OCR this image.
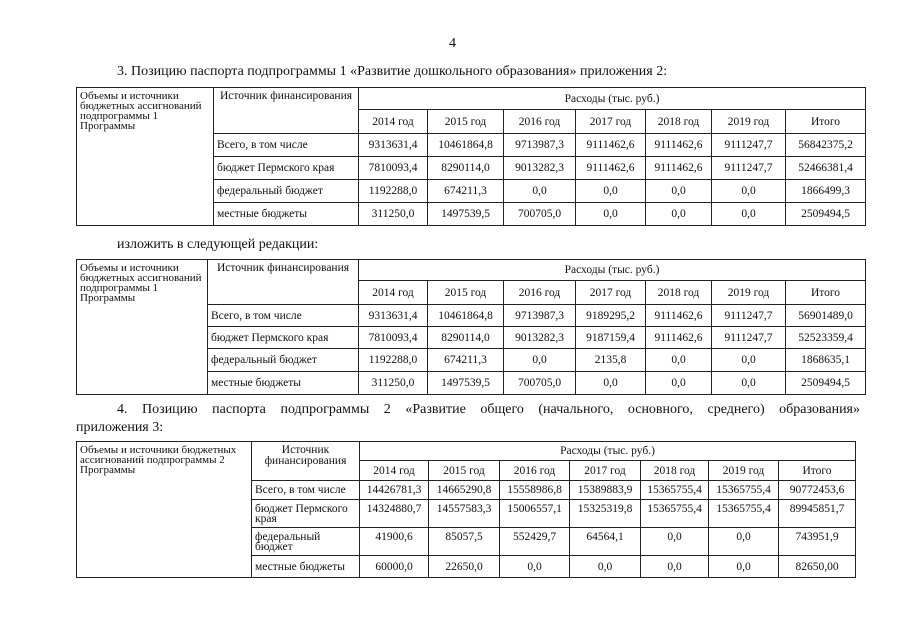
4
3. Позицию паспорта подпрограммы 1 «Развитие дошкольного образования» приложения 2:
Объемы и источники бюджетных ассигнований подпрограммы 1 Программы	Источник финансирования	Расходы (тыс. руб.)						
		2014 год	2015 год	2016 год	2017 год	2018 год	2019 год	Итого
	Всего, в том числе	9313631,4	10461864,8	9713987,3	9111462,6	9111462,6	9111247,7	56842375,2
	бюджет Пермского края	7810093,4	8290114,0	9013282,3	9111462,6	9111462,6	9111247,7	52466381,4
	федеральный бюджет	1192288,0	674211,3	0,0	0,0	0,0	0,0	1866499,3
	местные бюджеты	311250,0	1497539,5	700705,0	0,0	0,0	0,0	2509494,5
изложить в следующей редакции:
Объемы и источники бюджетных ассигнований подпрограммы 1 Программы	Источник финансирования	Расходы (тыс. руб.)						
		2014 год	2015 год	2016 год	2017 год	2018 год	2019 год	Итого
	Всего, в том числе	9313631,4	10461864,8	9713987,3	9189295,2	9111462,6	9111247,7	56901489,0
	бюджет Пермского края	7810093,4	8290114,0	9013282,3	9187159,4	9111462,6	9111247,7	52523359,4
	федеральный бюджет	1192288,0	674211,3	0,0	2135,8	0,0	0,0	1868635,1
	местные бюджеты	311250,0	1497539,5	700705,0	0,0	0,0	0,0	2509494,5
4. Позицию паспорта подпрограммы 2 «Развитие общего (начального, основного, среднего) образования»
приложения 3:
Объемы и источники бюджетных ассигнований подпрограммы 2 Программы	Источник финансирования	Расходы (тыс. руб.)						
		2014 год	2015 год	2016 год	2017 год	2018 год	2019 год	Итого
	Всего, в том числе	14426781,3	14665290,8	15558986,8	15389883,9	15365755,4	15365755,4	90772453,6
	бюджет Пермского края	14324880,7	14557583,3	15006557,1	15325319,8	15365755,4	15365755,4	89945851,7
	федеральный бюджет	41900,6	85057,5	552429,7	64564,1	0,0	0,0	743951,9
	местные бюджеты	60000,0	22650,0	0,0	0,0	0,0	0,0	82650,00
